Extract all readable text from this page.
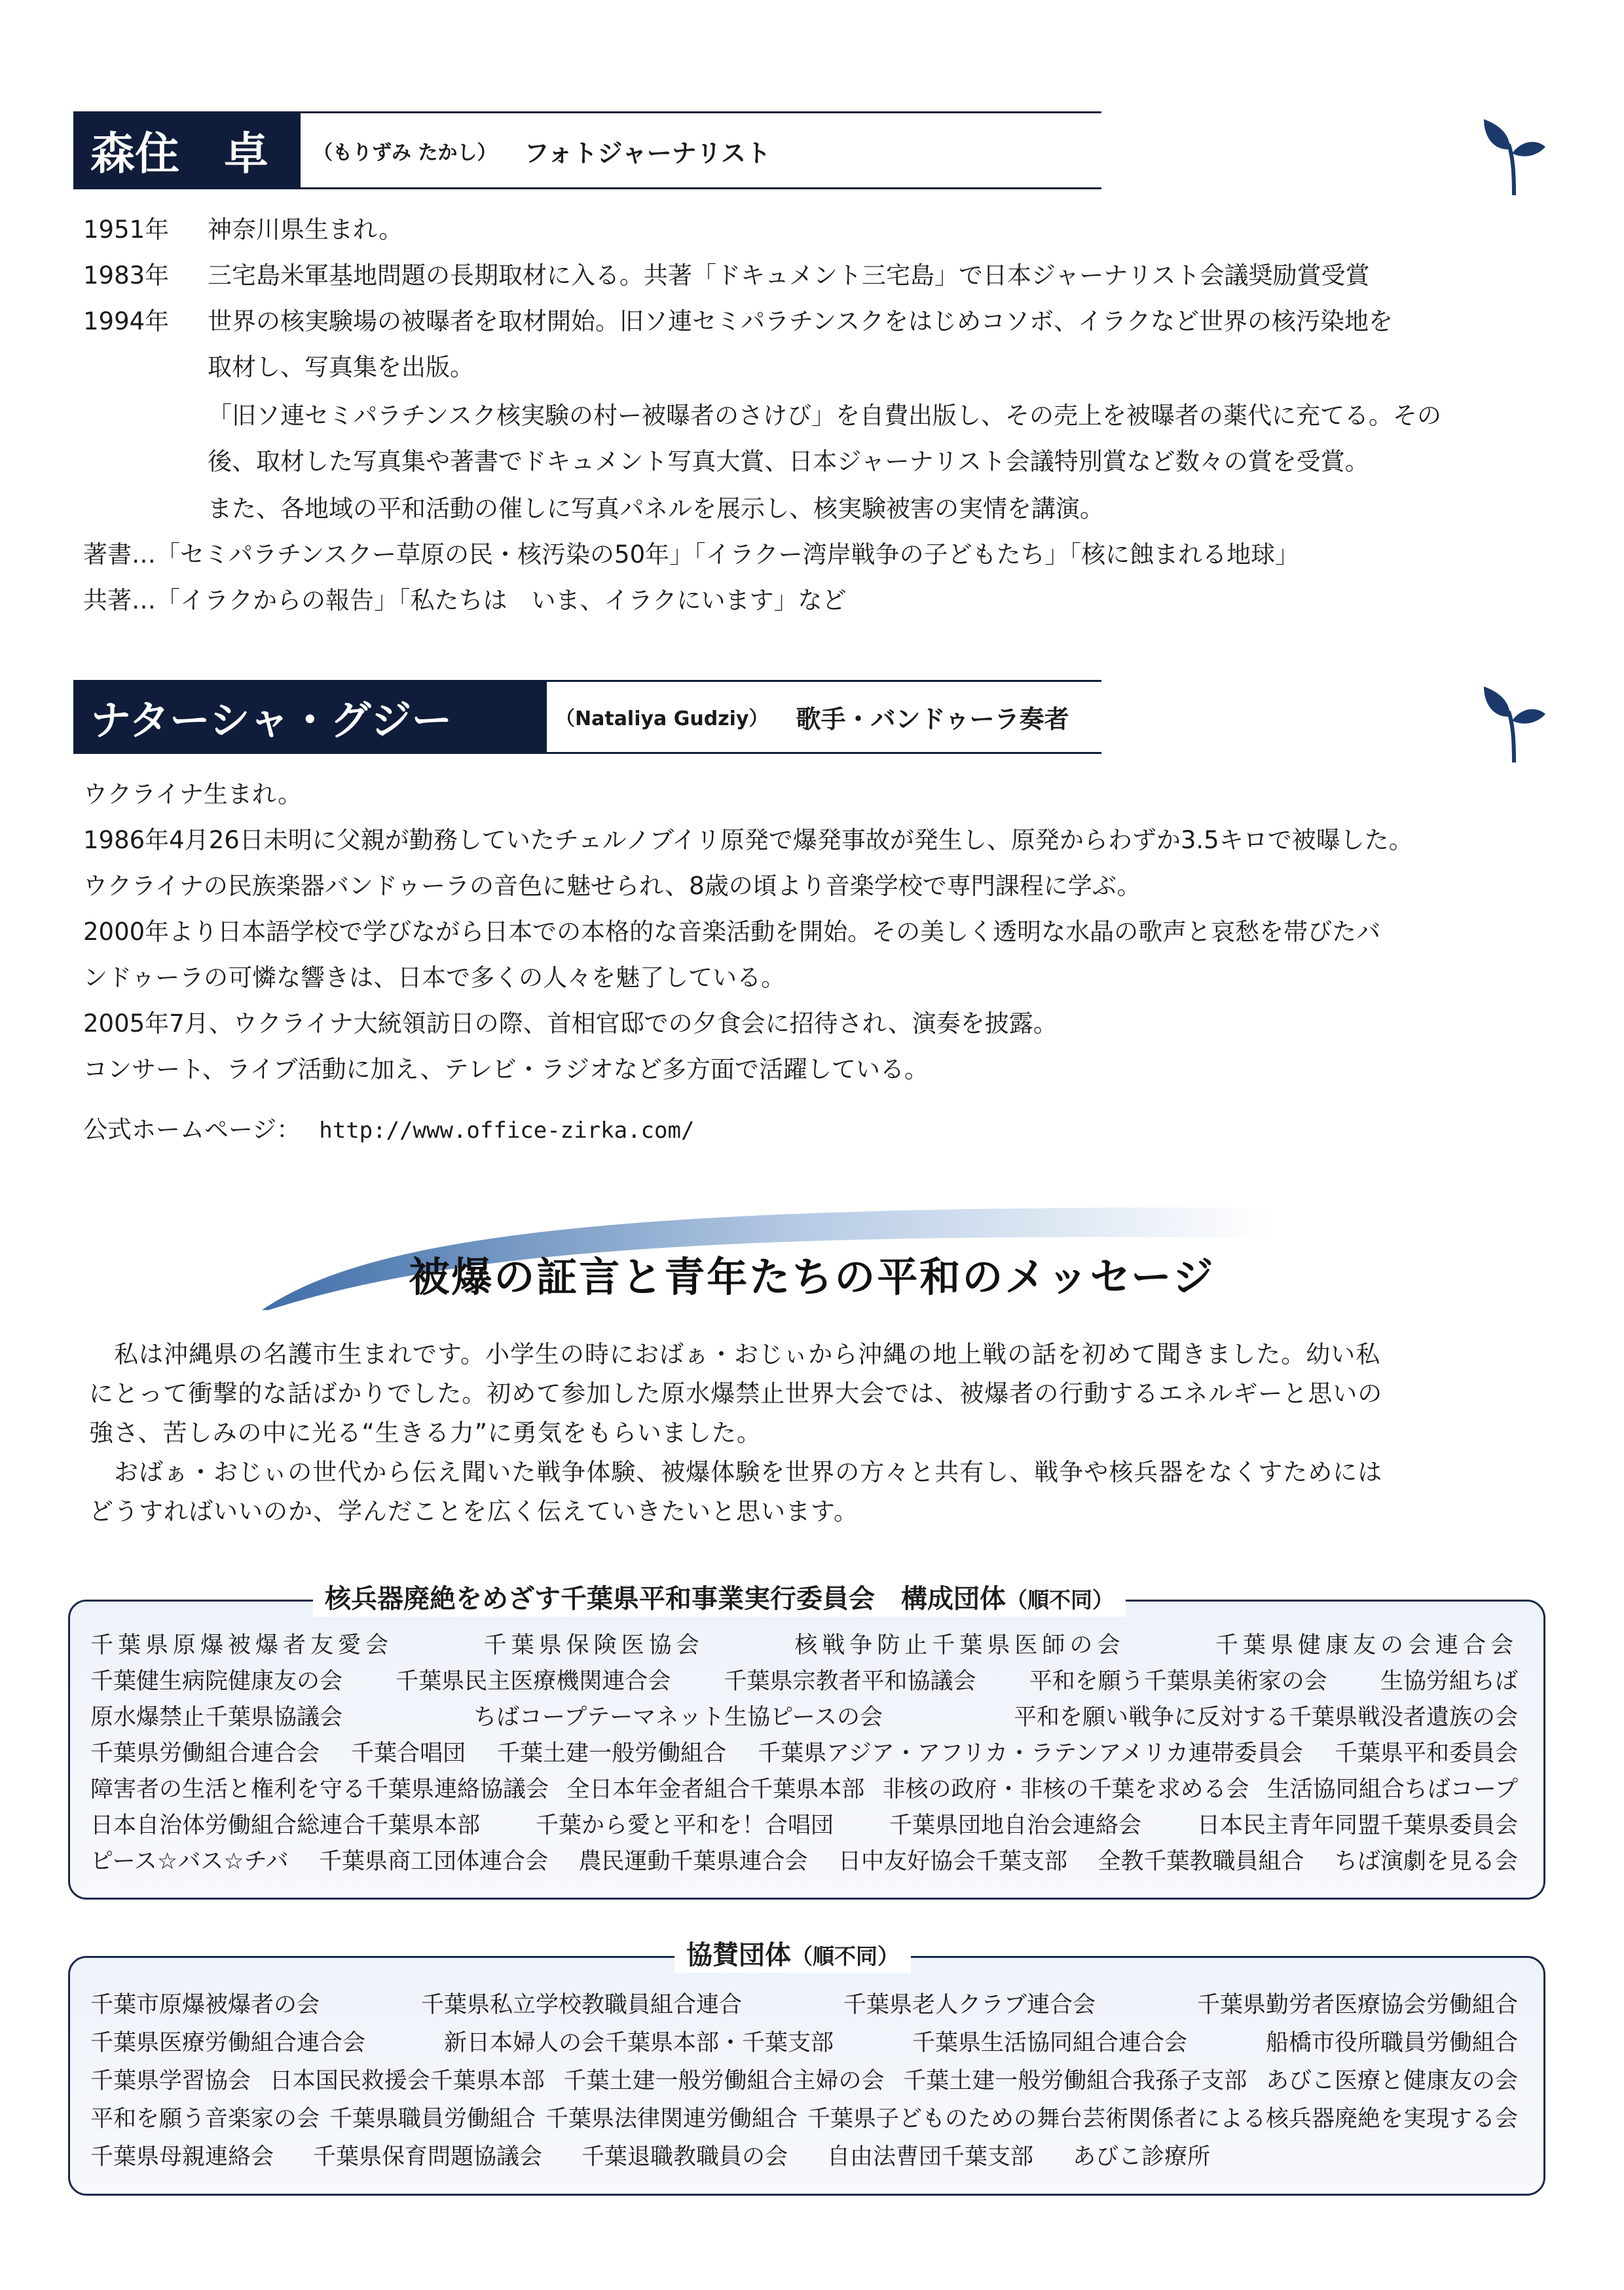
森住　卓 （もりずみ たかし） フォトジャーナリスト
1951年 神奈川県生まれ。
1983年 三宅島米軍基地問題の長期取材に入る。共著「ドキュメント三宅島」で日本ジャーナリスト会議奨励賞受賞
1994年 世界の核実験場の被曝者を取材開始。旧ソ連セミパラチンスクをはじめコソボ、イラクなど世界の核汚染地を
取材し、写真集を出版。
「旧ソ連セミパラチンスク核実験の村ー被曝者のさけび」を自費出版し、その売上を被曝者の薬代に充てる。その
後、取材した写真集や著書でドキュメント写真大賞、日本ジャーナリスト会議特別賞など数々の賞を受賞。
また、各地域の平和活動の催しに写真パネルを展示し、核実験被害の実情を講演。
著書…「セミパラチンスクー草原の民・核汚染の50年」「イラクー湾岸戦争の子どもたち」「核に蝕まれる地球」
共著…「イラクからの報告」「私たちは　いま、イラクにいます」など
ナターシャ・グジー	（Nataliya Gudziy） 歌手・バンドゥーラ奏者
ウクライナ生まれ。
1986年4月26日未明に父親が勤務していたチェルノブイリ原発で爆発事故が発生し、原発からわずか3.5キロで被曝した。
ウクライナの民族楽器バンドゥーラの音色に魅せられ、8歳の頃より音楽学校で専門課程に学ぶ。
2000年より日本語学校で学びながら日本での本格的な音楽活動を開始。その美しく透明な水晶の歌声と哀愁を帯びたバ
ンドゥーラの可憐な響きは、日本で多くの人々を魅了している。
2005年7月、ウクライナ大統領訪日の際、首相官邸での夕食会に招待され、演奏を披露。
コンサート、ライブ活動に加え、テレビ・ラジオなど多方面で活躍している。
公式ホームページ： http://www.office-zirka.com/
被爆の証言と青年たちの平和のメッセージ
　私は沖縄県の名護市生まれです。小学生の時におばぁ・おじぃから沖縄の地上戦の話を初めて聞きました。幼い私
にとって衝撃的な話ばかりでした。初めて参加した原水爆禁止世界大会では、被爆者の行動するエネルギーと思いの
強さ、苦しみの中に光る“生きる力”に勇気をもらいました。
　おばぁ・おじぃの世代から伝え聞いた戦争体験、被爆体験を世界の方々と共有し、戦争や核兵器をなくすためには
どうすればいいのか、学んだことを広く伝えていきたいと思います。
核兵器廃絶をめざす千葉県平和事業実行委員会　構成団体（順不同）
千葉県原爆被爆者友愛会	千葉県保険医協会	核戦争防止千葉県医師の会	千葉県健康友の会連合会
千葉健生病院健康友の会 千葉県民主医療機関連合会 千葉県宗教者平和協議会 平和を願う千葉県美術家の会 生協労組ちば
原水爆禁止千葉県協議会	ちばコープテーマネット生協ピースの会	平和を願い戦争に反対する千葉県戦没者遺族の会
千葉県労働組合連合会 千葉合唱団 千葉土建一般労働組合 千葉県アジア・アフリカ・ラテンアメリカ連帯委員会 千葉県平和委員会
障害者の生活と権利を守る千葉県連絡協議会 全日本年金者組合千葉県本部 非核の政府・非核の千葉を求める会 生活協同組合ちばコープ
日本自治体労働組合総連合千葉県本部 千葉から愛と平和を！合唱団 千葉県団地自治会連絡会 日本民主青年同盟千葉県委員会
ピース☆バス☆チバ 千葉県商工団体連合会 農民運動千葉県連合会 日中友好協会千葉支部 全教千葉教職員組合 ちば演劇を見る会
協賛団体（順不同）
千葉市原爆被爆者の会	千葉県私立学校教職員組合連合	千葉県老人クラブ連合会	千葉県勤労者医療協会労働組合
千葉県医療労働組合連合会	新日本婦人の会千葉県本部・千葉支部	千葉県生活協同組合連合会	船橋市役所職員労働組合
千葉県学習協会 日本国民救援会千葉県本部 千葉土建一般労働組合主婦の会 千葉土建一般労働組合我孫子支部 あびこ医療と健康友の会
平和を願う音楽家の会 千葉県職員労働組合 千葉県法律関連労働組合 千葉県子どものための舞台芸術関係者による核兵器廃絶を実現する会
千葉県母親連絡会 千葉県保育問題協議会 千葉退職教職員の会 自由法曹団千葉支部 あびこ診療所
